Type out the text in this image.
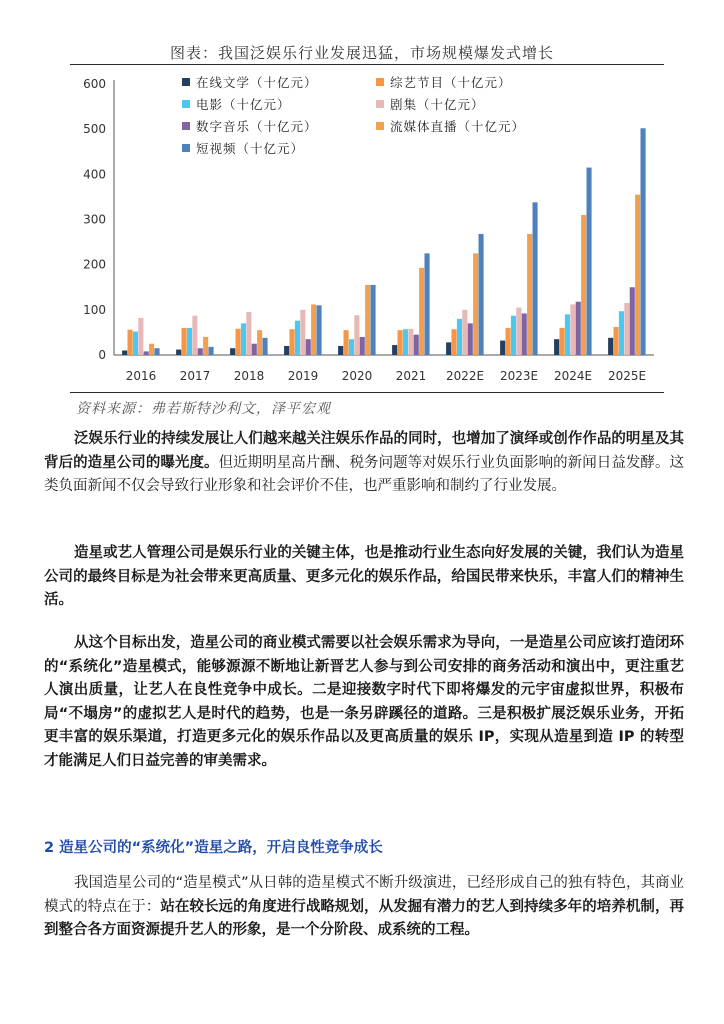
图表：我国泛娱乐行业发展迅猛，市场规模爆发式增长
0
100
200
300
400
500
600
2016 2017 2018 2019 2020 2021 2022E 2023E 2024E 2025E
在线文学（十亿元）	综艺节目（十亿元）
电影（十亿元）	剧集（十亿元）
数字音乐（十亿元）	流媒体直播（十亿元）
短视频（十亿元）
资料来源：弗若斯特沙利文，泽平宏观
泛娱乐行业的持续发展让人们越来越关注娱乐作品的同时，也增加了演绎或创作作品的明星及其背后的造星公司的曝光度。但近期明星高片酬、税务问题等对娱乐行业负面影响的新闻日益发酵。这类负面新闻不仅会导致行业形象和社会评价不佳，也严重影响和制约了行业发展。
造星或艺人管理公司是娱乐行业的关键主体，也是推动行业生态向好发展的关键，我们认为造星公司的最终目标是为社会带来更高质量、更多元化的娱乐作品，给国民带来快乐，丰富人们的精神生活。
从这个目标出发，造星公司的商业模式需要以社会娱乐需求为导向，一是造星公司应该打造闭环的“系统化”造星模式，能够源源不断地让新晋艺人参与到公司安排的商务活动和演出中，更注重艺人演出质量，让艺人在良性竞争中成长。二是迎接数字时代下即将爆发的元宇宙虚拟世界，积极布局“不塌房”的虚拟艺人是时代的趋势，也是一条另辟蹊径的道路。三是积极扩展泛娱乐业务，开拓更丰富的娱乐渠道，打造更多元化的娱乐作品以及更高质量的娱乐 IP，实现从造星到造 IP 的转型才能满足人们日益完善的审美需求。
2 造星公司的“系统化”造星之路，开启良性竞争成长
我国造星公司的“造星模式”从日韩的造星模式不断升级演进，已经形成自己的独有特色，其商业模式的特点在于：站在较长远的角度进行战略规划，从发掘有潜力的艺人到持续多年的培养机制，再到整合各方面资源提升艺人的形象，是一个分阶段、成系统的工程。
